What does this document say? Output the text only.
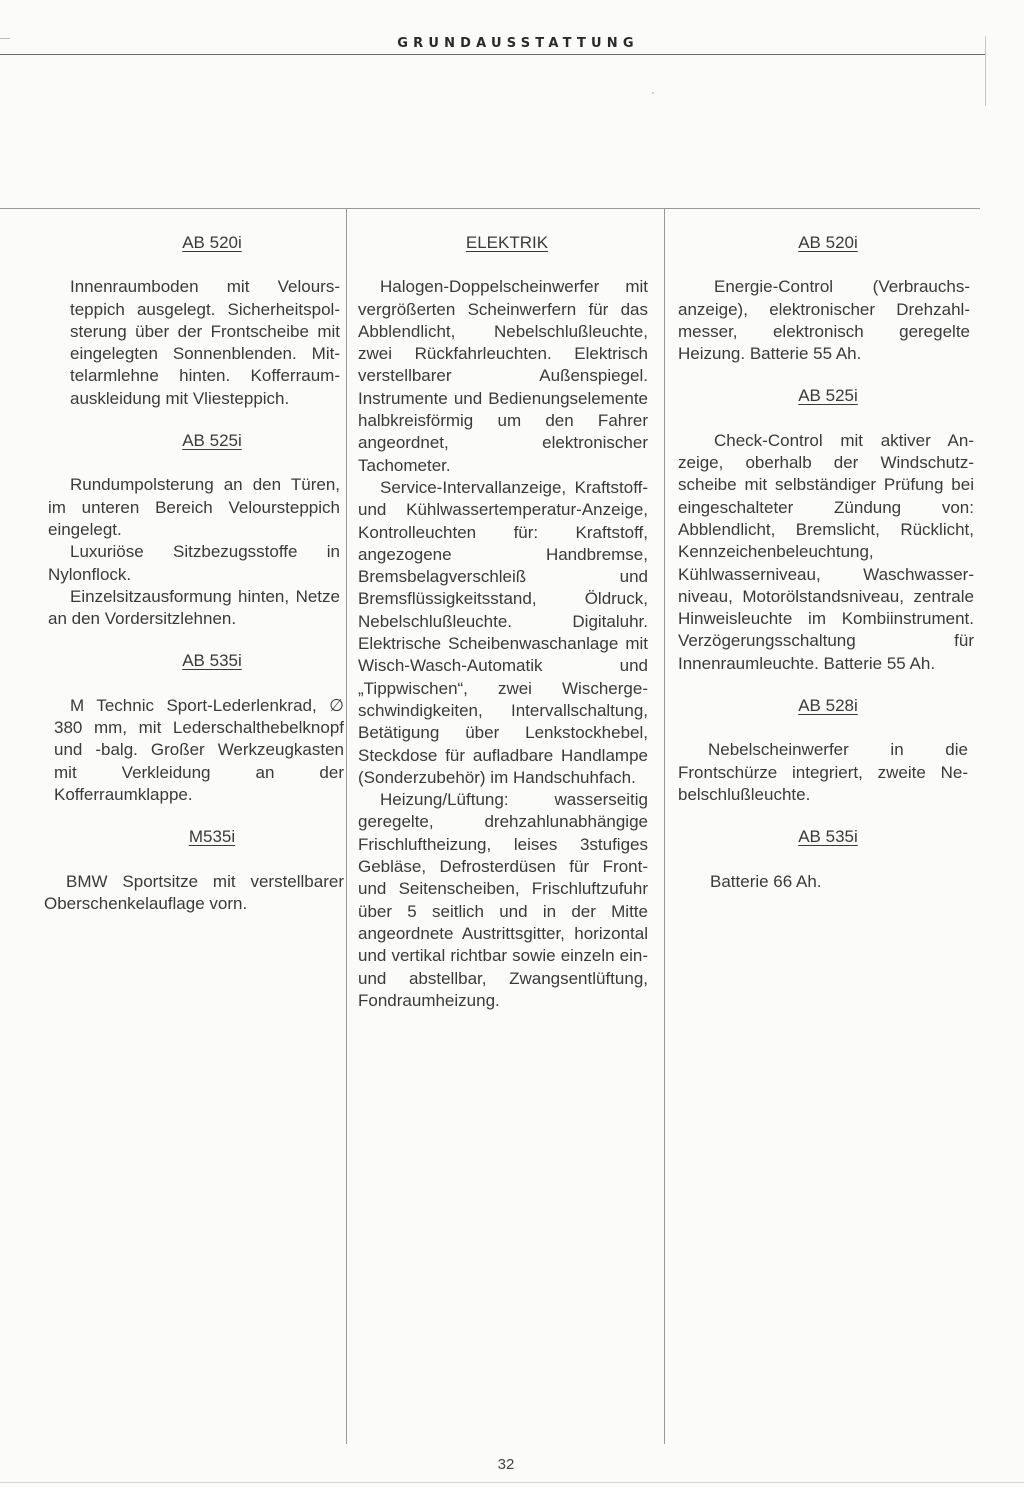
GRUNDAUSSTATTUNG
AB 520i

Innenraumboden mit Veloursteppich ausgelegt. Sicherheitspolsterung über der Frontscheibe mit eingelegten Sonnenblenden. Mittelarmlehne hinten. Kofferraumauskleidung mit Vliesteppich.

AB 525i

Rundumpolsterung an den Türen, im unteren Bereich Veloursteppich eingelegt.

Luxuriöse Sitzbezugsstoffe in Nylonflock.

Einzelsitzausformung hinten, Netze an den Vordersitzlehnen.

AB 535i

M Technic Sport-Lederlenkrad, ∅ 380 mm, mit Lederschalthebelknopf und -balg. Großer Werkzeugkasten mit Verkleidung an der Kofferraumklappe.

M535i

BMW Sportsitze mit verstellbarer Oberschenkelauflage vorn.

ELEKTRIK

Halogen-Doppelscheinwerfer mit vergrößerten Scheinwerfern für das Abblendlicht, Nebelschlußleuchte, zwei Rückfahrleuchten. Elektrisch verstellbarer Außenspiegel. Instrumente und Bedienungselemente halbkreisförmig um den Fahrer angeordnet, elektronischer Tachometer.

Service-Intervallanzeige, Kraftstoff- und Kühlwassertemperatur-Anzeige, Kontrolleuchten für: Kraftstoff, angezogene Handbremse, Bremsbelagverschleiß und Bremsflüssigkeitsstand, Öldruck, Nebelschlußleuchte. Digitaluhr. Elektrische Scheibenwaschanlage mit Wisch-Wasch-Automatik und „Tippwischen“, zwei Wischergeschwindigkeiten, Intervallschaltung, Betätigung über Lenkstockhebel, Steckdose für aufladbare Handlampe (Sonderzubehör) im Handschuhfach.

Heizung/Lüftung: wasserseitig geregelte, drehzahlunabhängige Frischluftheizung, leises 3stufiges Gebläse, Defrosterdüsen für Front- und Seitenscheiben, Frischluftzufuhr über 5 seitlich und in der Mitte angeordnete Austrittsgitter, horizontal und vertikal richtbar sowie einzeln ein- und abstellbar, Zwangsentlüftung, Fondraumheizung.

AB 520i

Energie-Control (Verbrauchsanzeige), elektronischer Drehzahlmesser, elektronisch geregelte Heizung. Batterie 55 Ah.

AB 525i

Check-Control mit aktiver Anzeige, oberhalb der Windschutzscheibe mit selbständiger Prüfung bei eingeschalteter Zündung von: Abblendlicht, Bremslicht, Rücklicht, Kennzeichenbeleuchtung, Kühlwasserniveau, Waschwasserniveau, Motorölstandsniveau, zentrale Hinweisleuchte im Kombiinstrument. Verzögerungsschaltung für Innenraumleuchte. Batterie 55 Ah.

AB 528i

Nebelscheinwerfer in die Frontschürze integriert, zweite Nebelschlußleuchte.

AB 535i

Batterie 66 Ah.

32
